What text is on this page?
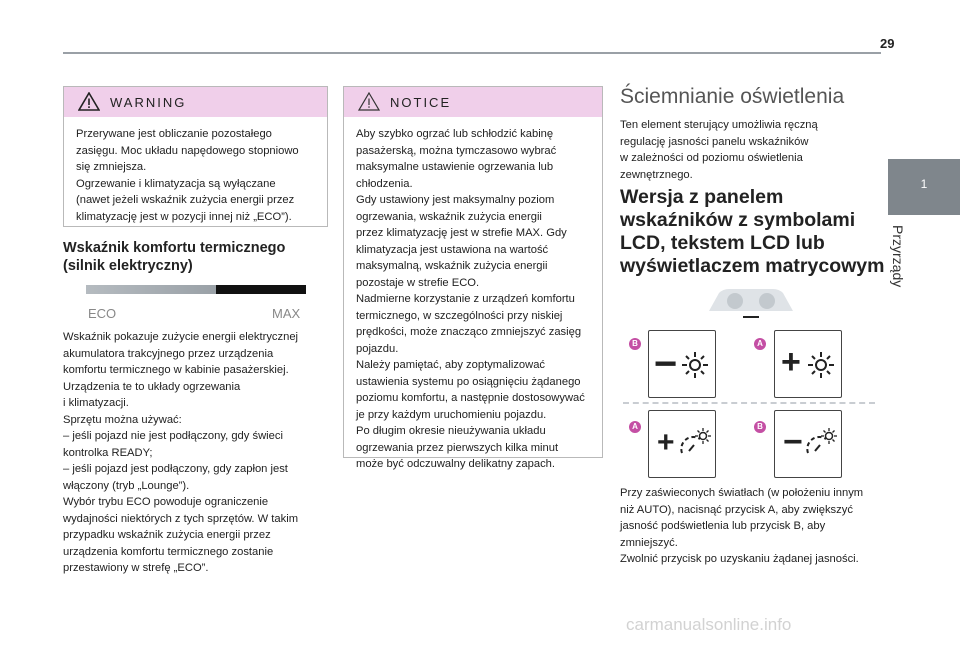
29
1
Przyrządy
WARNING
Przerywane jest obliczanie pozostałego
zasięgu. Moc układu napędowego stopniowo
się zmniejsza.
Ogrzewanie i klimatyzacja są wyłączane
(nawet jeżeli wskaźnik zużycia energii przez
klimatyzację jest w pozycji innej niż „ECO”).
Wskaźnik komfortu termicznego
(silnik elektryczny)
ECO	MAX
Wskaźnik pokazuje zużycie energii elektrycznej
akumulatora trakcyjnego przez urządzenia
komfortu termicznego w kabinie pasażerskiej.
Urządzenia te to układy ogrzewania
i klimatyzacji.
Sprzętu można używać:
– jeśli pojazd nie jest podłączony, gdy świeci
kontrolka READY;
– jeśli pojazd jest podłączony, gdy zapłon jest
włączony (tryb „Lounge”).
Wybór trybu ECO powoduje ograniczenie
wydajności niektórych z tych sprzętów. W takim
przypadku wskaźnik zużycia energii przez
urządzenia komfortu termicznego zostanie
przestawiony w strefę „ECO”.
NOTICE
Aby szybko ogrzać lub schłodzić kabinę
pasażerską, można tymczasowo wybrać
maksymalne ustawienie ogrzewania lub
chłodzenia.
Gdy ustawiony jest maksymalny poziom
ogrzewania, wskaźnik zużycia energii
przez klimatyzację jest w strefie MAX. Gdy
klimatyzacja jest ustawiona na wartość
maksymalną, wskaźnik zużycia energii
pozostaje w strefie ECO.
Nadmierne korzystanie z urządzeń komfortu
termicznego, w szczególności przy niskiej
prędkości, może znacząco zmniejszyć zasięg
pojazdu.
Należy pamiętać, aby zoptymalizować
ustawienia systemu po osiągnięciu żądanego
poziomu komfortu, a następnie dostosowywać
je przy każdym uruchomieniu pojazdu.
Po długim okresie nieużywania układu
ogrzewania przez pierwszych kilka minut
może być odczuwalny delikatny zapach.
Ściemnianie oświetlenia
Ten element sterujący umożliwia ręczną
regulację jasności panelu wskaźników
w zależności od poziomu oświetlenia
zewnętrznego.
Wersja z panelem
wskaźników z symbolami
LCD, tekstem LCD lub
wyświetlaczem matrycowym
B	A
−	+
A	B
+	−
Przy zaświeconych światłach (w położeniu innym
niż AUTO), nacisnąć przycisk A, aby zwiększyć
jasność podświetlenia lub przycisk B, aby
zmniejszyć.
Zwolnić przycisk po uzyskaniu żądanej jasności.
carmanualsonline.info
